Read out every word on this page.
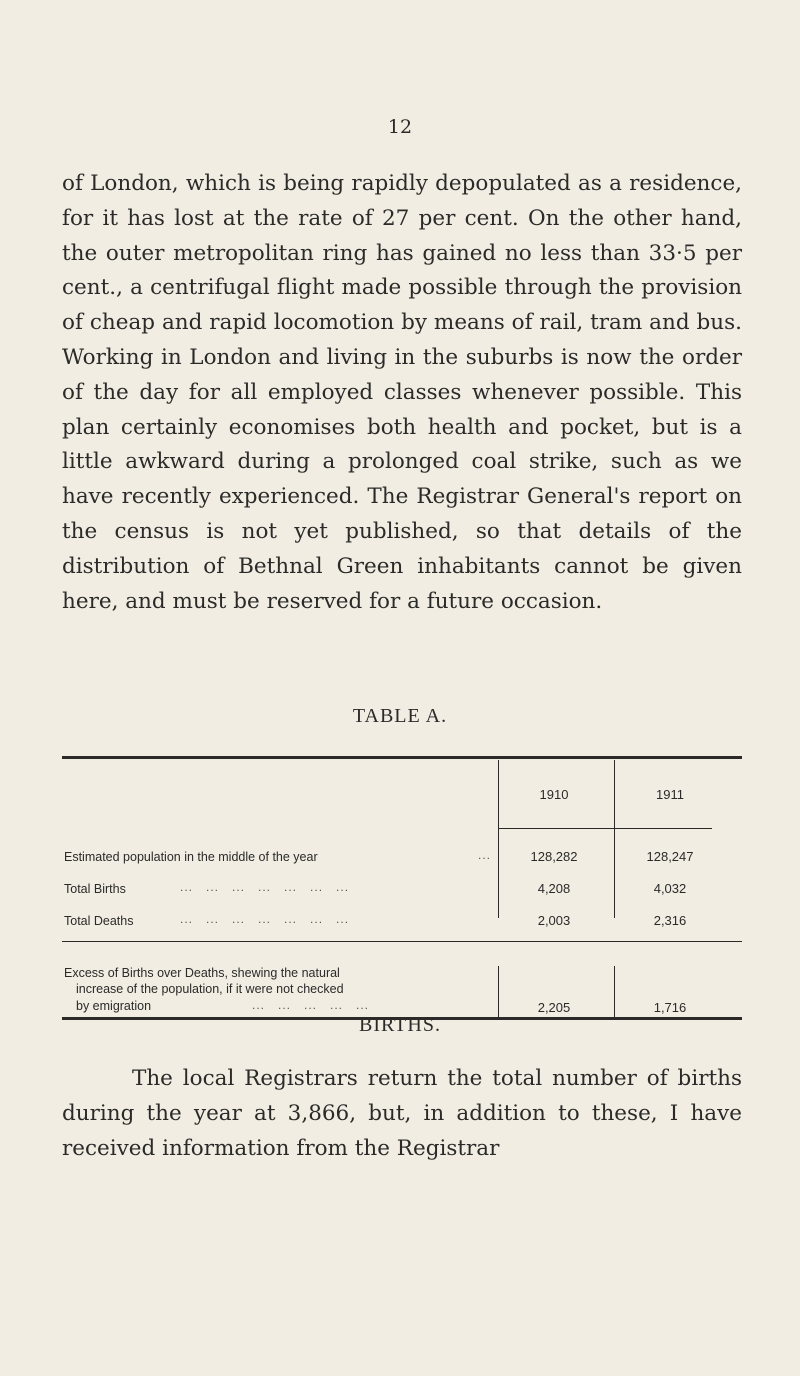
12

of London, which is being rapidly depopulated as a residence, for it has lost at the rate of 27 per cent. On the other hand, the outer metropolitan ring has gained no less than 33·5 per cent., a centrifugal flight made possible through the provision of cheap and rapid locomotion by means of rail, tram and bus. Working in London and living in the suburbs is now the order of the day for all employed classes whenever possible. This plan certainly economises both health and pocket, but is a little awkward during a prolonged coal strike, such as we have recently experienced. The Registrar General's report on the census is not yet published, so that details of the distribution of Bethnal Green inhabitants cannot be given here, and must be reserved for a future occasion.

TABLE A.
1910	1911
Estimated population in the middle of the year	...	128,282	128,247
Total Births	...   ...   ...   ...   ...   ...   ...	4,208	4,032
Total Deaths	...   ...   ...   ...   ...   ...   ...	2,003	2,316
Excess of Births over Deaths, shewing the natural
increase of the population, if it were not checked
by emigration	...   ...   ...   ...   ...	2,205	1,716
BIRTHS.

The local Registrars return the total number of births during the year at 3,866, but, in addition to these, I have received information from the Registrar
